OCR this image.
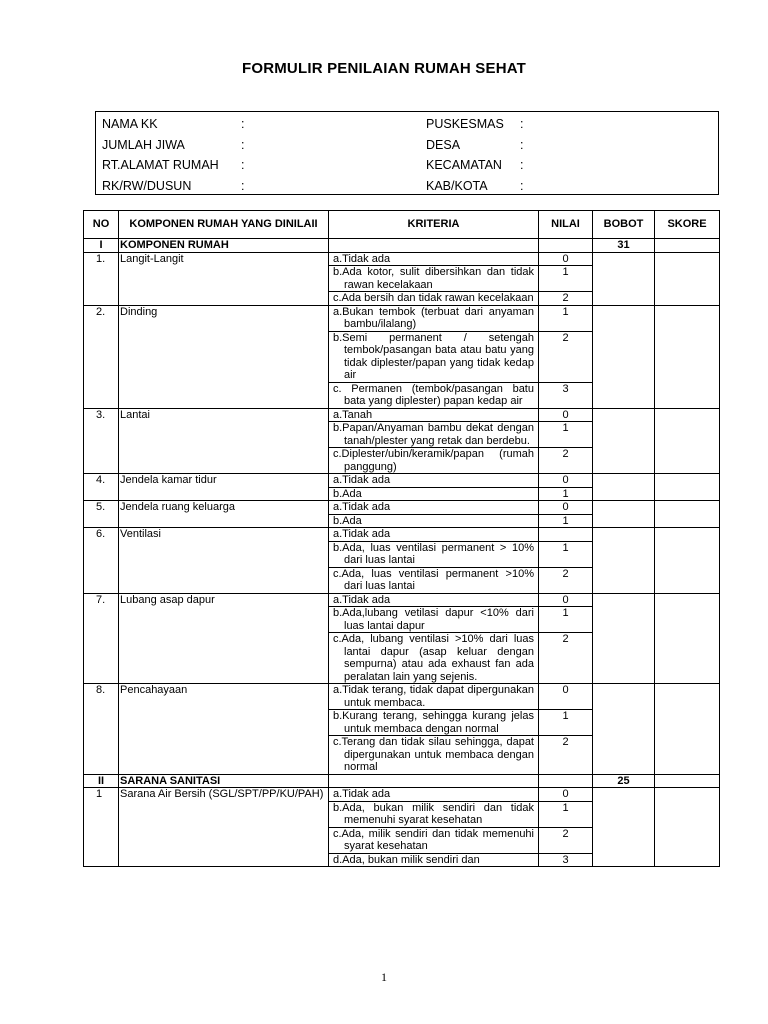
FORMULIR PENILAIAN RUMAH SEHAT
NAMA KK	:	PUSKESMAS :
JUMLAH JIWA	:	DESA	:
RT.ALAMAT RUMAH :	KECAMATAN :
RK/RW/DUSUN	:	KAB/KOTA	:
NO	KOMPONEN RUMAH YANG DINILAII	KRITERIA	NILAI	BOBOT	SKORE
I	KOMPONEN RUMAH			31	
1.	Langit-Langit	a.Tidak ada	0		

		b.Ada kotor, sulit dibersihkan dan tidak rawan kecelakaan	1		

		c.Ada bersih dan tidak rawan kecelakaan	2		
2.	Dinding	a.Bukan tembok (terbuat dari anyaman bambu/ilalang)	1		

		b.Semi permanent / setengah tembok/pasangan bata atau batu yang tidak diplester/papan yang tidak kedap air	2		

		c. Permanen (tembok/pasangan batu bata yang diplester) papan kedap air	3		
3.	Lantai	a.Tanah	0		

		b.Papan/Anyaman bambu dekat dengan tanah/plester yang retak dan berdebu.	1		

		c.Diplester/ubin/keramik/papan (rumah panggung)	2		
4.	Jendela kamar tidur	a.Tidak ada	0		

		b.Ada	1		
5.	Jendela ruang keluarga	a.Tidak ada	0		

		b.Ada	1		
6.	Ventilasi	a.Tidak ada			

		b.Ada, luas ventilasi permanent > 10% dari luas lantai	1		

		c.Ada, luas ventilasi permanent >10% dari luas lantai	2		
7.	Lubang asap dapur	a.Tidak ada	0		

		b.Ada,lubang vetilasi dapur <10% dari luas lantai dapur	1		

		c.Ada, lubang ventilasi >10% dari luas lantai dapur (asap keluar dengan sempurna) atau ada exhaust fan ada peralatan lain yang sejenis.	2		
8.	Pencahayaan	a.Tidak terang, tidak dapat dipergunakan untuk membaca.	0		

		b.Kurang terang, sehingga kurang jelas untuk membaca dengan normal	1		

		c.Terang dan tidak silau sehingga, dapat dipergunakan untuk membaca dengan normal	2		
II	SARANA SANITASI			25	
1	Sarana Air Bersih (SGL/SPT/PP/KU/PAH)	a.Tidak ada	0		

		b.Ada, bukan milik sendiri dan tidak memenuhi syarat kesehatan	1		

		c.Ada, milik sendiri dan tidak memenuhi syarat kesehatan	2		

		d.Ada, bukan milik sendiri dan	3		
1
